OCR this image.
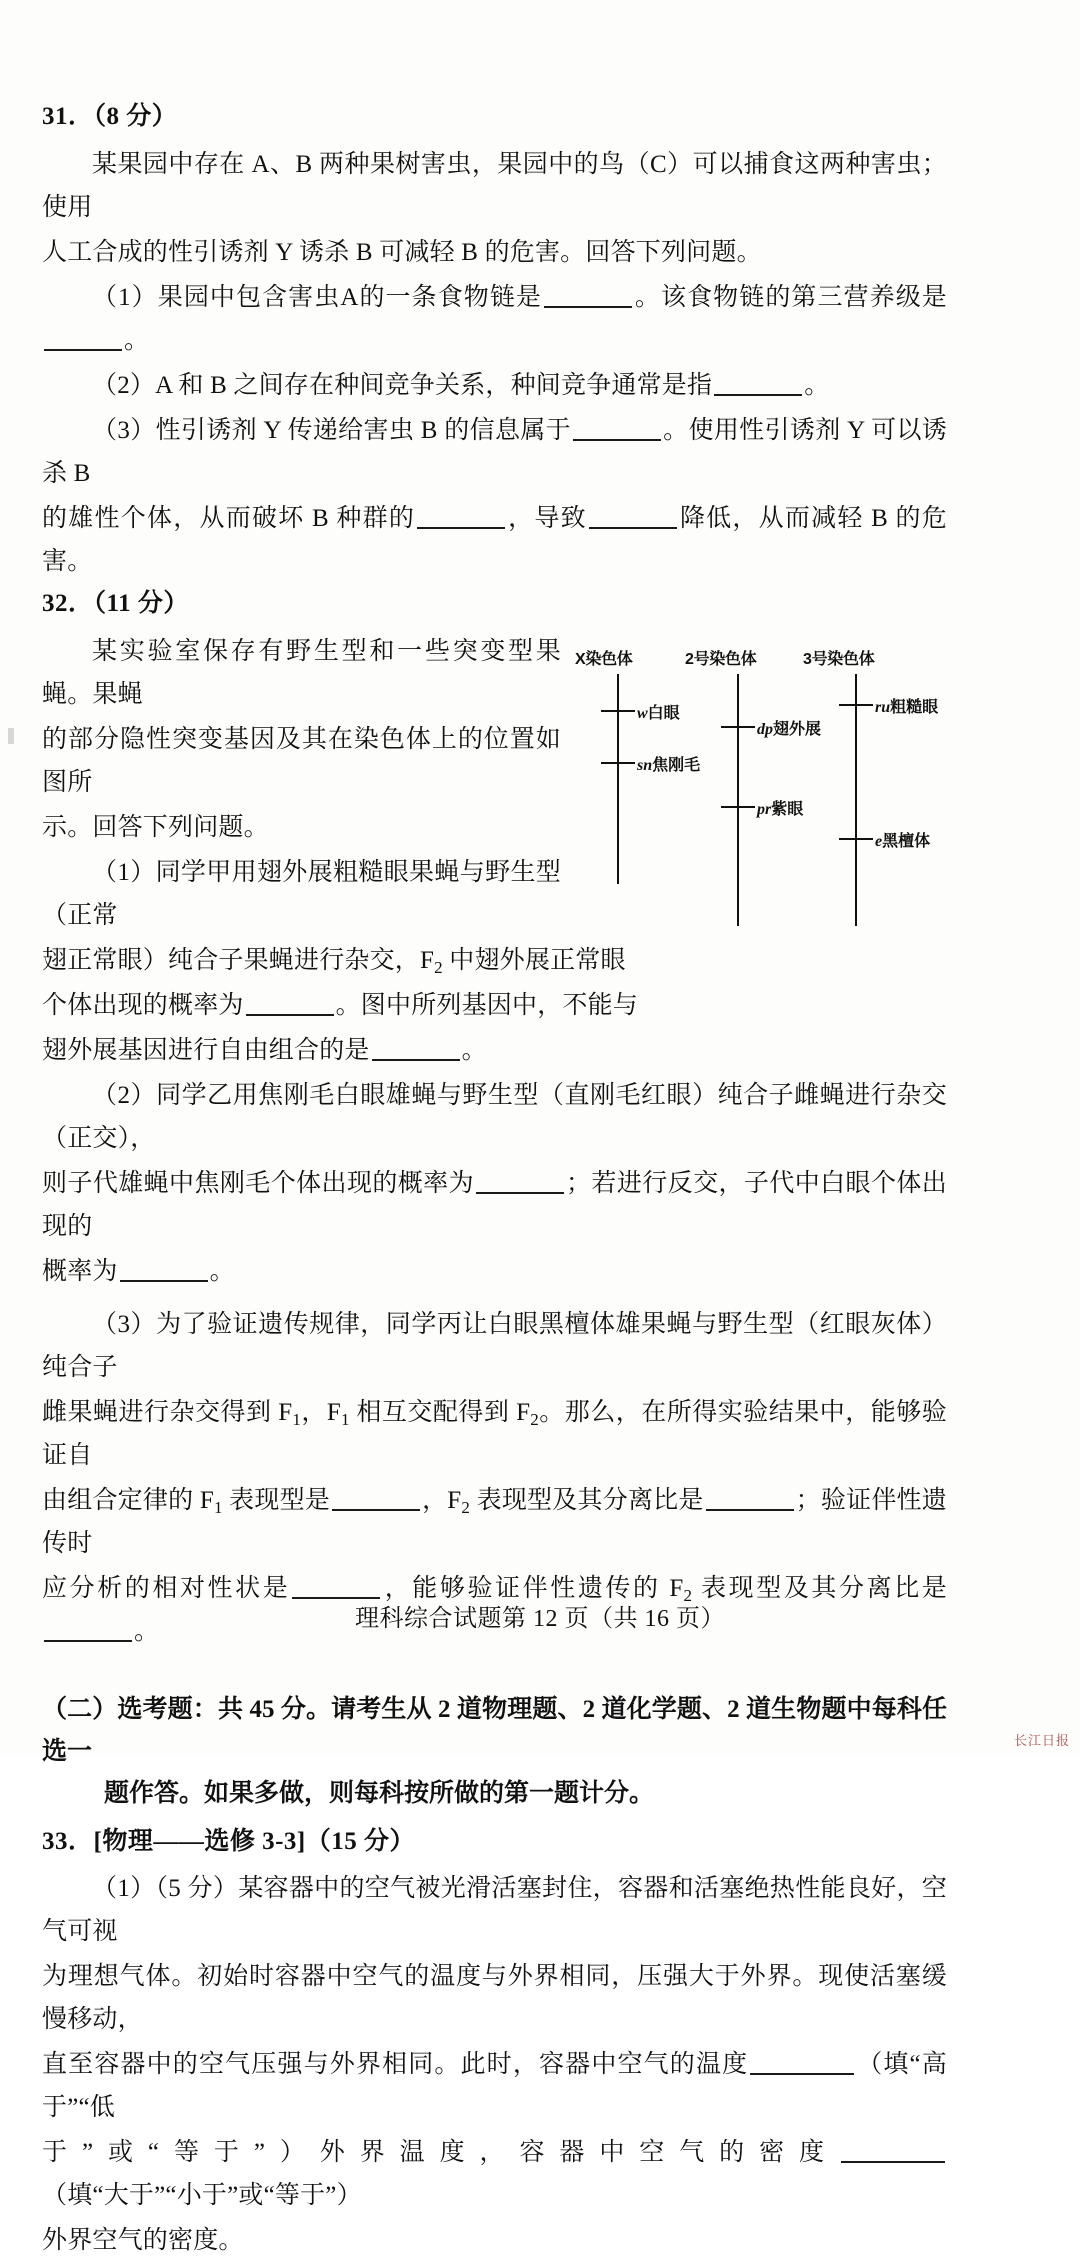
31．（8 分）

某果园中存在 A、B 两种果树害虫，果园中的鸟（C）可以捕食这两种害虫；使用

人工合成的性引诱剂 Y 诱杀 B 可减轻 B 的危害。回答下列问题。

（1）果园中包含害虫A的一条食物链是	。该食物链的第三营养级是。

（2）A 和 B 之间存在种间竞争关系，种间竞争通常是指	。

（3）性引诱剂 Y 传递给害虫 B 的信息属于	。使用性引诱剂 Y 可以诱杀 B

的雄性个体，从而破坏 B 种群的	，导致	降低，从而减轻 B 的危害。

32．（11 分）

X染色体	2号染色体	3号染色体
w白眼
sn焦刚毛
dp翅外展
pr紫眼
ru粗糙眼
e黑檀体

某实验室保存有野生型和一些突变型果蝇。果蝇

的部分隐性突变基因及其在染色体上的位置如图所

示。回答下列问题。

（1）同学甲用翅外展粗糙眼果蝇与野生型（正常

翅正常眼）纯合子果蝇进行杂交，$F_2$ 中翅外展正常眼

个体出现的概率为	。图中所列基因中，不能与

翅外展基因进行自由组合的是	。

（2）同学乙用焦刚毛白眼雄蝇与野生型（直刚毛红眼）纯合子雌蝇进行杂交（正交），

则子代雄蝇中焦刚毛个体出现的概率为	；若进行反交，子代中白眼个体出现的

概率为	。

（3）为了验证遗传规律，同学丙让白眼黑檀体雄果蝇与野生型（红眼灰体）纯合子

雌果蝇进行杂交得到 $F_1$，$F_1$ 相互交配得到 $F_2$。那么，在所得实验结果中，能够验证自

由组合定律的 $F_1$ 表现型是	，$F_2$ 表现型及其分离比是	；验证伴性遗传时

应分析的相对性状是	，能够验证伴性遗传的 $F_2$ 表现型及其分离比是。

（二）选考题：共 45 分。请考生从 2 道物理题、2 道化学题、2 道生物题中每科任选一
题作答。如果多做，则每科按所做的第一题计分。

33．[物理——选修 3-3]（15 分）

（1）（5 分）某容器中的空气被光滑活塞封住，容器和活塞绝热性能良好，空气可视

为理想气体。初始时容器中空气的温度与外界相同，压强大于外界。现使活塞缓慢移动，

直至容器中的空气压强与外界相同。此时，容器中空气的温度	（填“高于”“低

于”或“等于”）外界温度，容器中空气的密度（填“大于”“小于”或“等于”）

外界空气的密度。

理科综合试题第 12 页（共 16 页）
长江日报
